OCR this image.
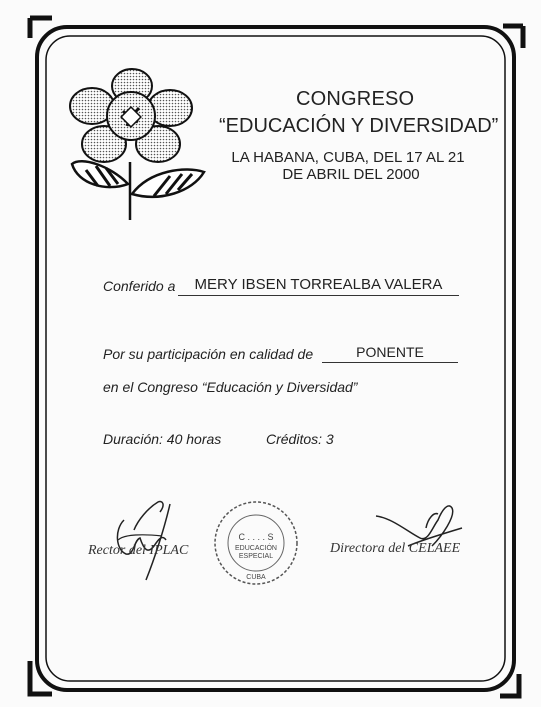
CONGRESO
“EDUCACIÓN Y DIVERSIDAD”
LA HABANA, CUBA, DEL 17 AL 21
DE ABRIL DEL 2000
Conferido a	MERY IBSEN TORREALBA VALERA
Por su participación en calidad de	PONENTE
en el Congreso “Educación y Diversidad”
Duración: 40 horas	Créditos: 3
Rector del IPLAC
C . . . . S
EDUCACIÓN
ESPECIAL
CUBA
Directora del CELAEE
